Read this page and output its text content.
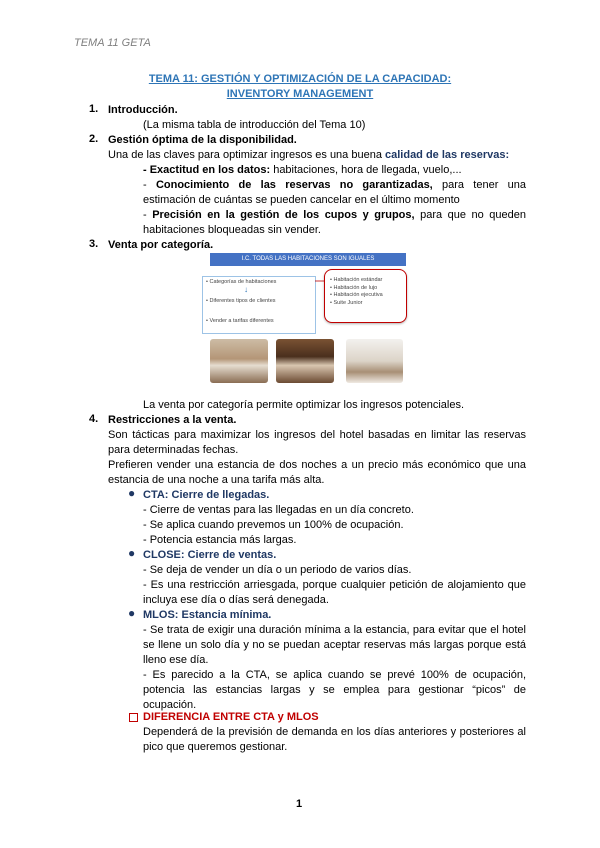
TEMA 11 GETA
TEMA 11: GESTIÓN Y OPTIMIZACIÓN DE LA CAPACIDAD:
INVENTORY MANAGEMENT
1. Introducción.
(La misma tabla de introducción del Tema 10)
2. Gestión óptima de la disponibilidad.
Una de las claves para optimizar ingresos es una buena calidad de las reservas:
- Exactitud en los datos: habitaciones, hora de llegada, vuelo,...
- Conocimiento de las reservas no garantizadas, para tener una
estimación de cuántas se pueden cancelar en el último momento
- Precisión en la gestión de los cupos y grupos, para que no queden
habitaciones bloqueadas sin vender.
3. Venta por categoría.
I.C. TODAS LAS HABITACIONES SON IGUALES
• Categorías de habitaciones
↓
• Diferentes tipos de clientes
• Vender a tarifas diferentes
• Habitación estándar
• Habitación de lujo
• Habitación ejecutiva
• Suite Junior
La venta por categoría permite optimizar los ingresos potenciales.
4. Restricciones a la venta.
Son tácticas para maximizar los ingresos del hotel basadas en limitar las reservas
para determinadas fechas.
Prefieren vender una estancia de dos noches a un precio más económico que una
estancia de una noche a una tarifa más alta.
● CTA: Cierre de llegadas.
- Cierre de ventas para las llegadas en un día concreto.
- Se aplica cuando prevemos un 100% de ocupación.
- Potencia estancia más largas.
● CLOSE: Cierre de ventas.
- Se deja de vender un día o un periodo de varios días.
- Es una restricción arriesgada, porque cualquier petición de alojamiento que
incluya ese día o días será denegada.
● MLOS: Estancia mínima.
- Se trata de exigir una duración mínima a la estancia, para evitar que el hotel
se llene un solo día y no se puedan aceptar reservas más largas porque está
lleno ese día.
- Es parecido a la CTA, se aplica cuando se prevé 100% de ocupación,
potencia las estancias largas y se emplea para gestionar “picos” de
ocupación.
DIFERENCIA ENTRE CTA y MLOS
Dependerá de la previsión de demanda en los días anteriores y posteriores al
pico que queremos gestionar.
1
